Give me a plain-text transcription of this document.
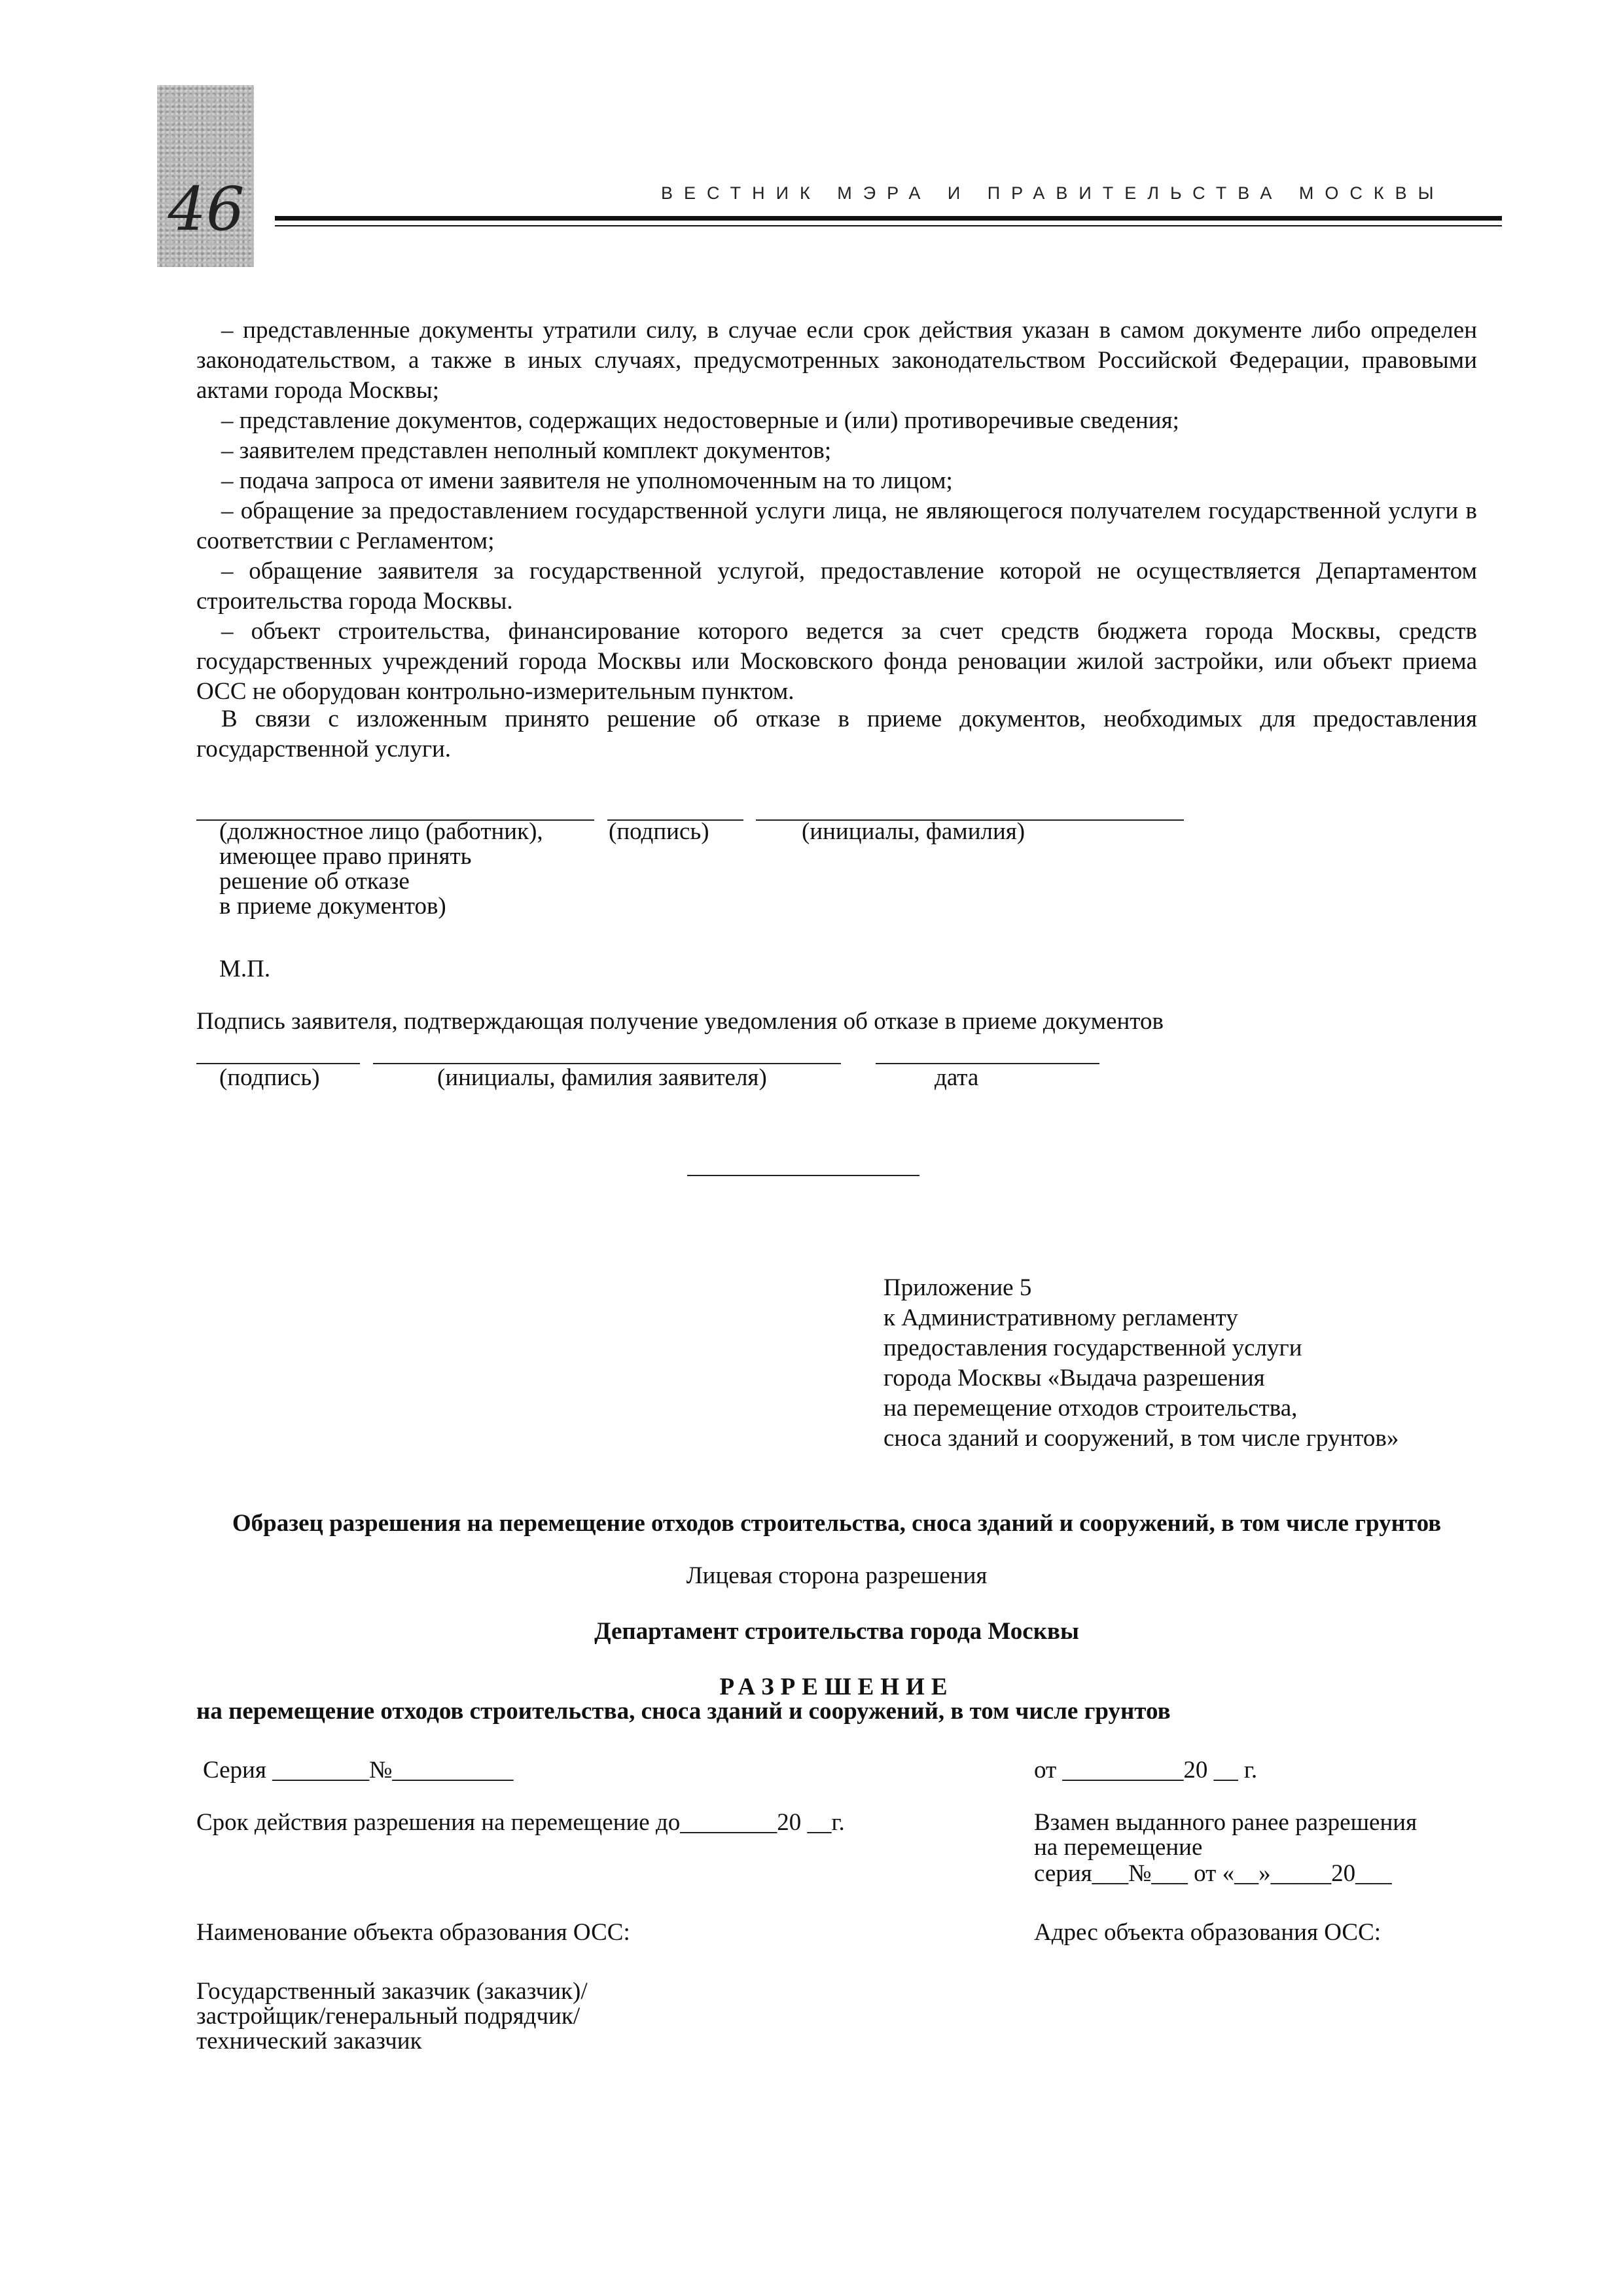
46	ВЕСТНИК МЭРА И ПРАВИТЕЛЬСТВА МОСКВЫ

– представленные документы утратили силу, в случае если срок действия указан в самом документе либо определен законодательством, а также в иных случаях, предусмотренных законодательством Российской Федерации, правовыми актами города Москвы;

– представление документов, содержащих недостоверные и (или) противоречивые сведения;

– заявителем представлен неполный комплект документов;

– подача запроса от имени заявителя не уполномоченным на то лицом;

– обращение за предоставлением государственной услуги лица, не являющегося получателем государственной услуги в соответствии с Регламентом;

– обращение заявителя за государственной услугой, предоставление которой не осуществляется Департаментом строительства города Москвы.

– объект строительства, финансирование которого ведется за счет средств бюджета города Москвы, средств государственных учреждений города Москвы или Московского фонда реновации жилой застройки, или объект приема ОСС не оборудован контрольно-измерительным пунктом.

В связи с изложенным принято решение об отказе в приеме документов, необходимых для предоставления государственной услуги.
(должностное лицо (работник),
имеющее право принять
решение об отказе
в приеме документов)
(подпись)	(инициалы, фамилия)
М.П.
Подпись заявителя, подтверждающая получение уведомления об отказе в приеме документов
(подпись)	(инициалы, фамилия заявителя)	дата
Приложение 5
к Административному регламенту
предоставления государственной услуги
города Москвы «Выдача разрешения
на перемещение отходов строительства,
сноса зданий и сооружений, в том числе грунтов»
Образец разрешения на перемещение отходов строительства, сноса зданий и сооружений, в том числе грунтов
Лицевая сторона разрешения
Департамент строительства города Москвы
РАЗРЕШЕНИЕ
на перемещение отходов строительства, сноса зданий и сооружений, в том числе грунтов
Серия ________№__________	от __________20 __ г.
Срок действия разрешения на перемещение до________20 __г.	Взамен выданного ранее разрешения
на перемещение
серия___№___ от «__»_____20___
Наименование объекта образования ОСС:	Адрес объекта образования ОСС:
Государственный заказчик (заказчик)/
застройщик/генеральный подрядчик/
технический заказчик
